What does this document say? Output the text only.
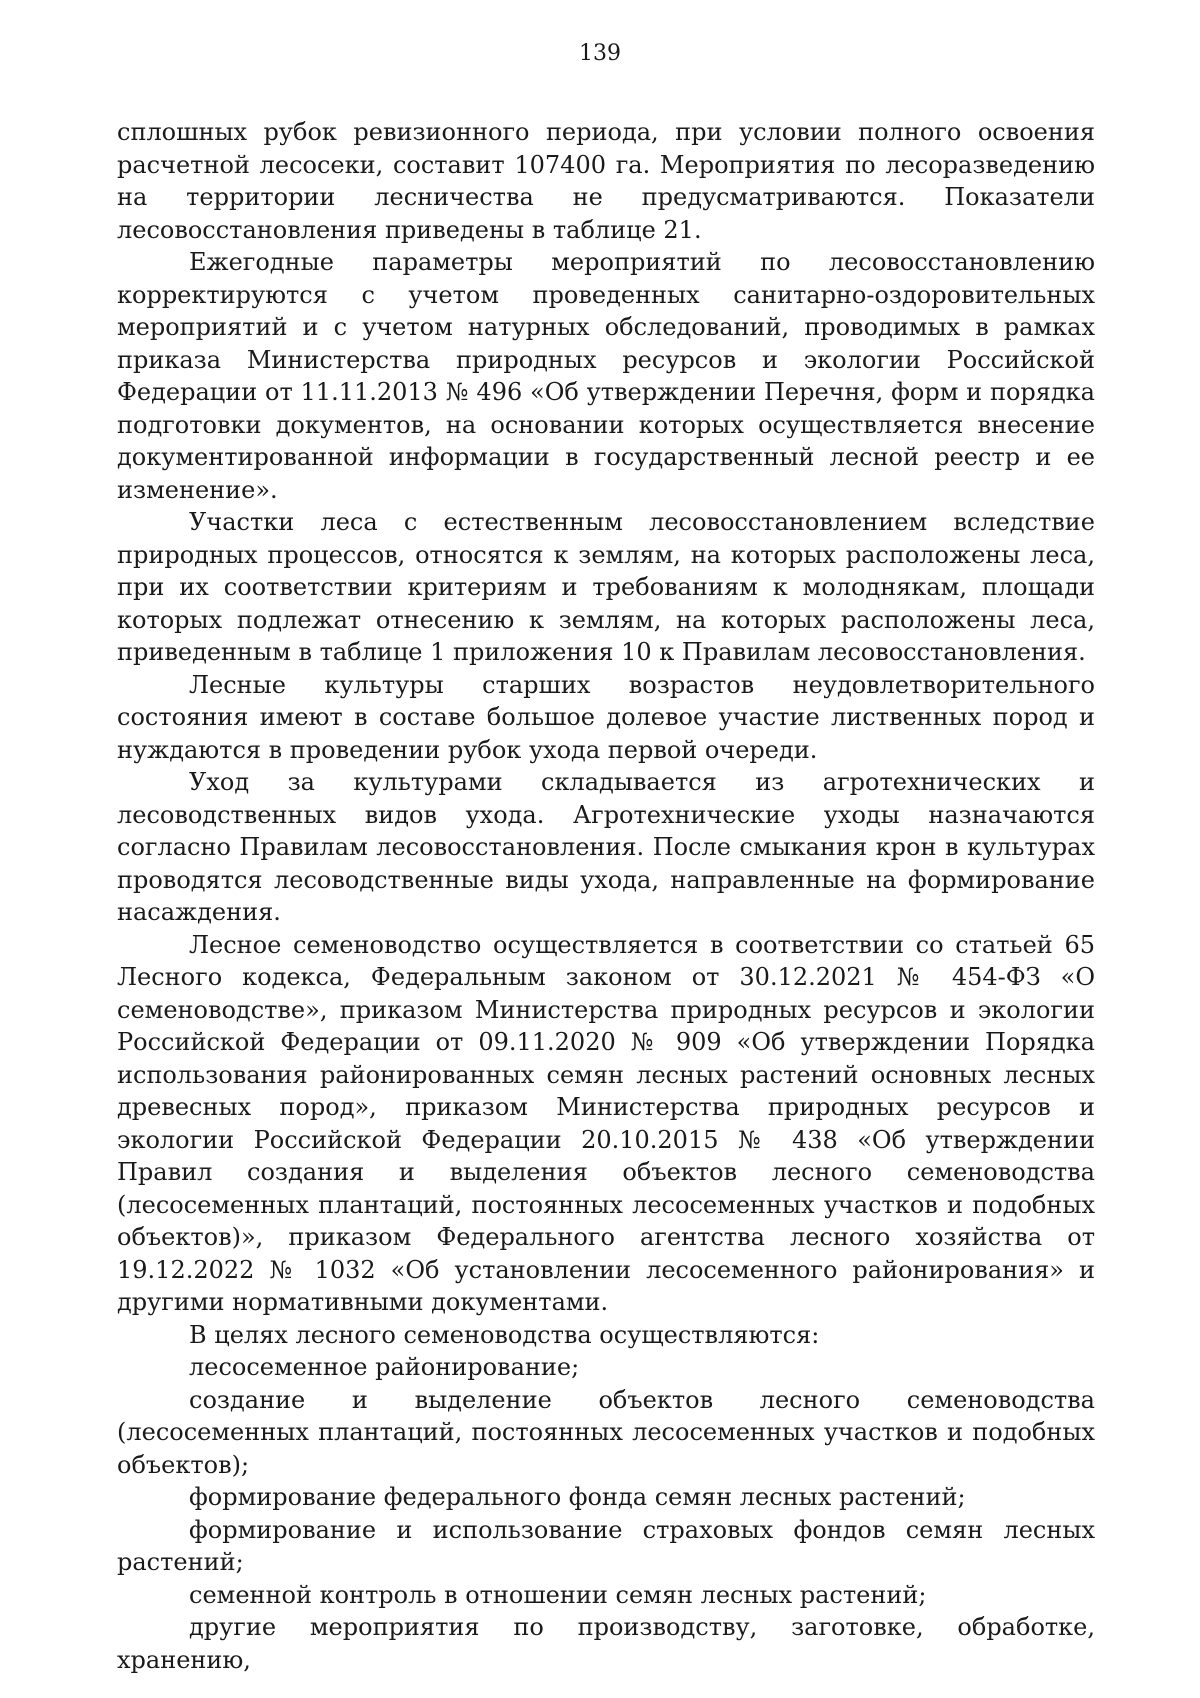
139

сплошных рубок ревизионного периода, при условии полного освоения расчетной лесосеки, составит 107400 га. Мероприятия по лесоразведению на территории лесничества не предусматриваются. Показатели лесовосстановления приведены в таблице 21.

Ежегодные параметры мероприятий по лесовосстановлению корректируются с учетом проведенных санитарно-оздоровительных мероприятий и с учетом натурных обследований, проводимых в рамках приказа Министерства природных ресурсов и экологии Российской Федерации от 11.11.2013 № 496 «Об утверждении Перечня, форм и порядка подготовки документов, на основании которых осуществляется внесение документированной информации в государственный лесной реестр и ее изменение».

Участки леса с естественным лесовосстановлением вследствие природных процессов, относятся к землям, на которых расположены леса, при их соответствии критериям и требованиям к молоднякам, площади которых подлежат отнесению к землям, на которых расположены леса, приведенным в таблице 1 приложения 10 к Правилам лесовосстановления.

Лесные культуры старших возрастов неудовлетворительного состояния имеют в составе большое долевое участие лиственных пород и нуждаются в проведении рубок ухода первой очереди.

Уход за культурами складывается из агротехнических и лесоводственных видов ухода. Агротехнические уходы назначаются согласно Правилам лесовосстановления. После смыкания крон в культурах проводятся лесоводственные виды ухода, направленные на формирование насаждения.

Лесное семеноводство осуществляется в соответствии со статьей 65 Лесного кодекса, Федеральным законом от 30.12.2021 № 454-ФЗ «О семеноводстве», приказом Министерства природных ресурсов и экологии Российской Федерации от 09.11.2020 № 909 «Об утверждении Порядка использования районированных семян лесных растений основных лесных древесных пород», приказом Министерства природных ресурсов и экологии Российской Федерации 20.10.2015 № 438 «Об утверждении Правил создания и выделения объектов лесного семеноводства (лесосеменных плантаций, постоянных лесосеменных участков и подобных объектов)», приказом Федерального агентства лесного хозяйства от 19.12.2022 № 1032 «Об установлении лесосеменного районирования» и другими нормативными документами.

В целях лесного семеноводства осуществляются:

лесосеменное районирование;

создание и выделение объектов лесного семеноводства (лесосеменных плантаций, постоянных лесосеменных участков и подобных объектов);

формирование федерального фонда семян лесных растений;

формирование и использование страховых фондов семян лесных растений;

семенной контроль в отношении семян лесных растений;

другие мероприятия по производству, заготовке, обработке, хранению,
